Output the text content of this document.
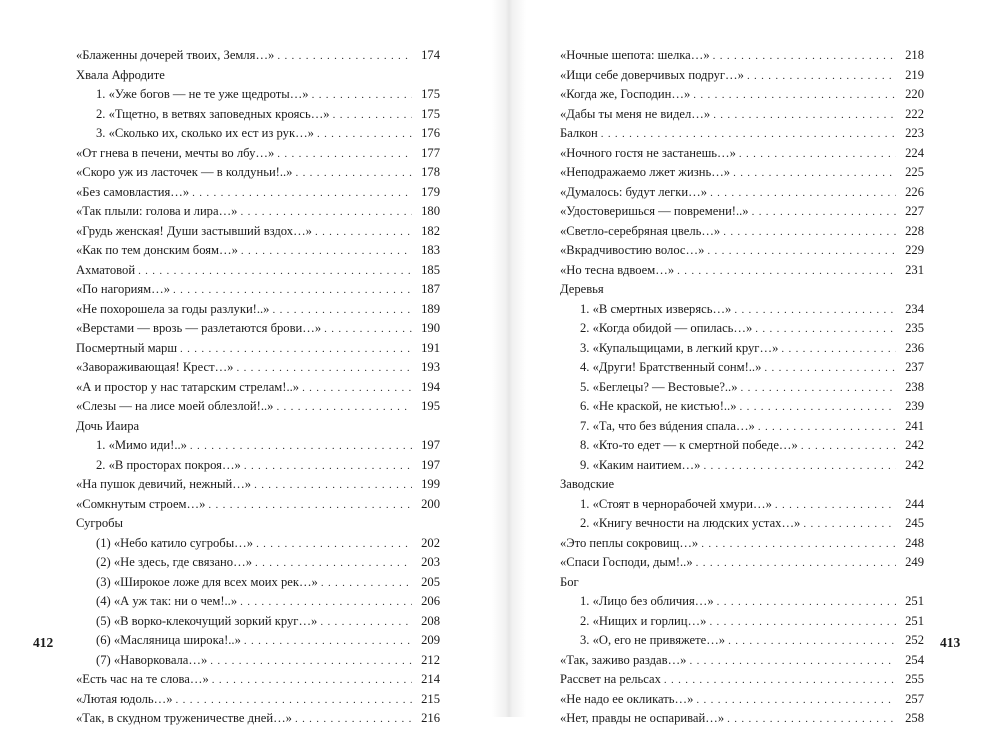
«Блаженны дочерей твоих, Земля…» . . .	174
Хвала Афродите
1. «Уже богов — не те уже щедроты…» . . .	175
2. «Тщетно, в ветвях заповедных кроясь…» . . .	175
3. «Сколько их, сколько их ест из рук…» . . .	176
«От гнева в печени, мечты во лбу…» . . .	177
«Скоро уж из ласточек — в колдуньи!..» . . .	178
«Без самовластия…» . . .	179
«Так плыли: голова и лира…» . . .	180
«Грудь женская! Души застывший вздох…» . . .	182
«Как по тем донским боям…» . . .	183
Ахматовой . . .	185
«По нагориям…» . . .	187
«Не похорошела за годы разлуки!..» . . .	189
«Верстами — врозь — разлетаются брови…» . . .	190
Посмертный марш . . .	191
«Завораживающая! Крест…» . . .	193
«А и простор у нас татарским стрелам!..» . . .	194
«Слезы — на лисе моей облезлой!..» . . .	195
Дочь Иаира
1. «Мимо иди!..» . . .	197
2. «В просторах покроя…» . . .	197
«На пушок девичий, нежный…» . . .	199
«Сомкнутым строем…» . . .	200
Сугробы
(1) «Небо катило сугробы…» . . .	202
(2) «Не здесь, где связано…» . . .	203
(3) «Широкое ложе для всех моих рек…» . . .	205
(4) «А уж так: ни о чем!..» . . .	206
(5) «В ворко-клекочущий зоркий круг…» . . .	208
(6) «Масляница широка!..» . . .	209
(7) «Наворковала…» . . .	212
«Есть час на те слова…» . . .	214
«Лютая юдоль…» . . .	215
«Так, в скудном труженичестве дней…» . . .	216
«Ночные шепота: шелка…» . . .	218
«Ищи себе доверчивых подруг…» . . .	219
«Когда же, Господин…» . . .	220
«Дабы ты меня не видел…» . . .	222
Балкон . . .	223
«Ночного гостя не застанешь…» . . .	224
«Неподражаемо лжет жизнь…» . . .	225
«Думалось: будут легки…» . . .	226
«Удостоверишься — повремени!..» . . .	227
«Светло-серебряная цвель…» . . .	228
«Вкрадчивостию волос…» . . .	229
«Но тесна вдвоем…» . . .	231
Деревья
1. «В смертных изверясь…» . . .	234
2. «Когда обидой — опилась…» . . .	235
3. «Купальщицами, в легкий круг…» . . .	236
4. «Други! Братственный сонм!..» . . .	237
5. «Беглецы? — Вестовые?..» . . .	238
6. «Не краской, не кистью!..» . . .	239
7. «Та, что без вúдения спала…» . . .	241
8. «Кто-то едет — к смертной победе…» . . .	242
9. «Каким наитием…» . . .	242
Заводские
1. «Стоят в чернорабочей хмури…» . . .	244
2. «Книгу вечности на людских устах…» . . .	245
«Это пеплы сокровищ…» . . .	248
«Спаси Господи, дым!..» . . .	249
Бог
1. «Лицо без обличия…» . . .	251
2. «Нищих и горлиц…» . . .	251
3. «О, его не привяжете…» . . .	252
«Так, заживо раздав…» . . .	254
Рассвет на рельсах . . .	255
«Не надо ее окликать…» . . .	257
«Нет, правды не оспаривай…» . . .	258
412	413
